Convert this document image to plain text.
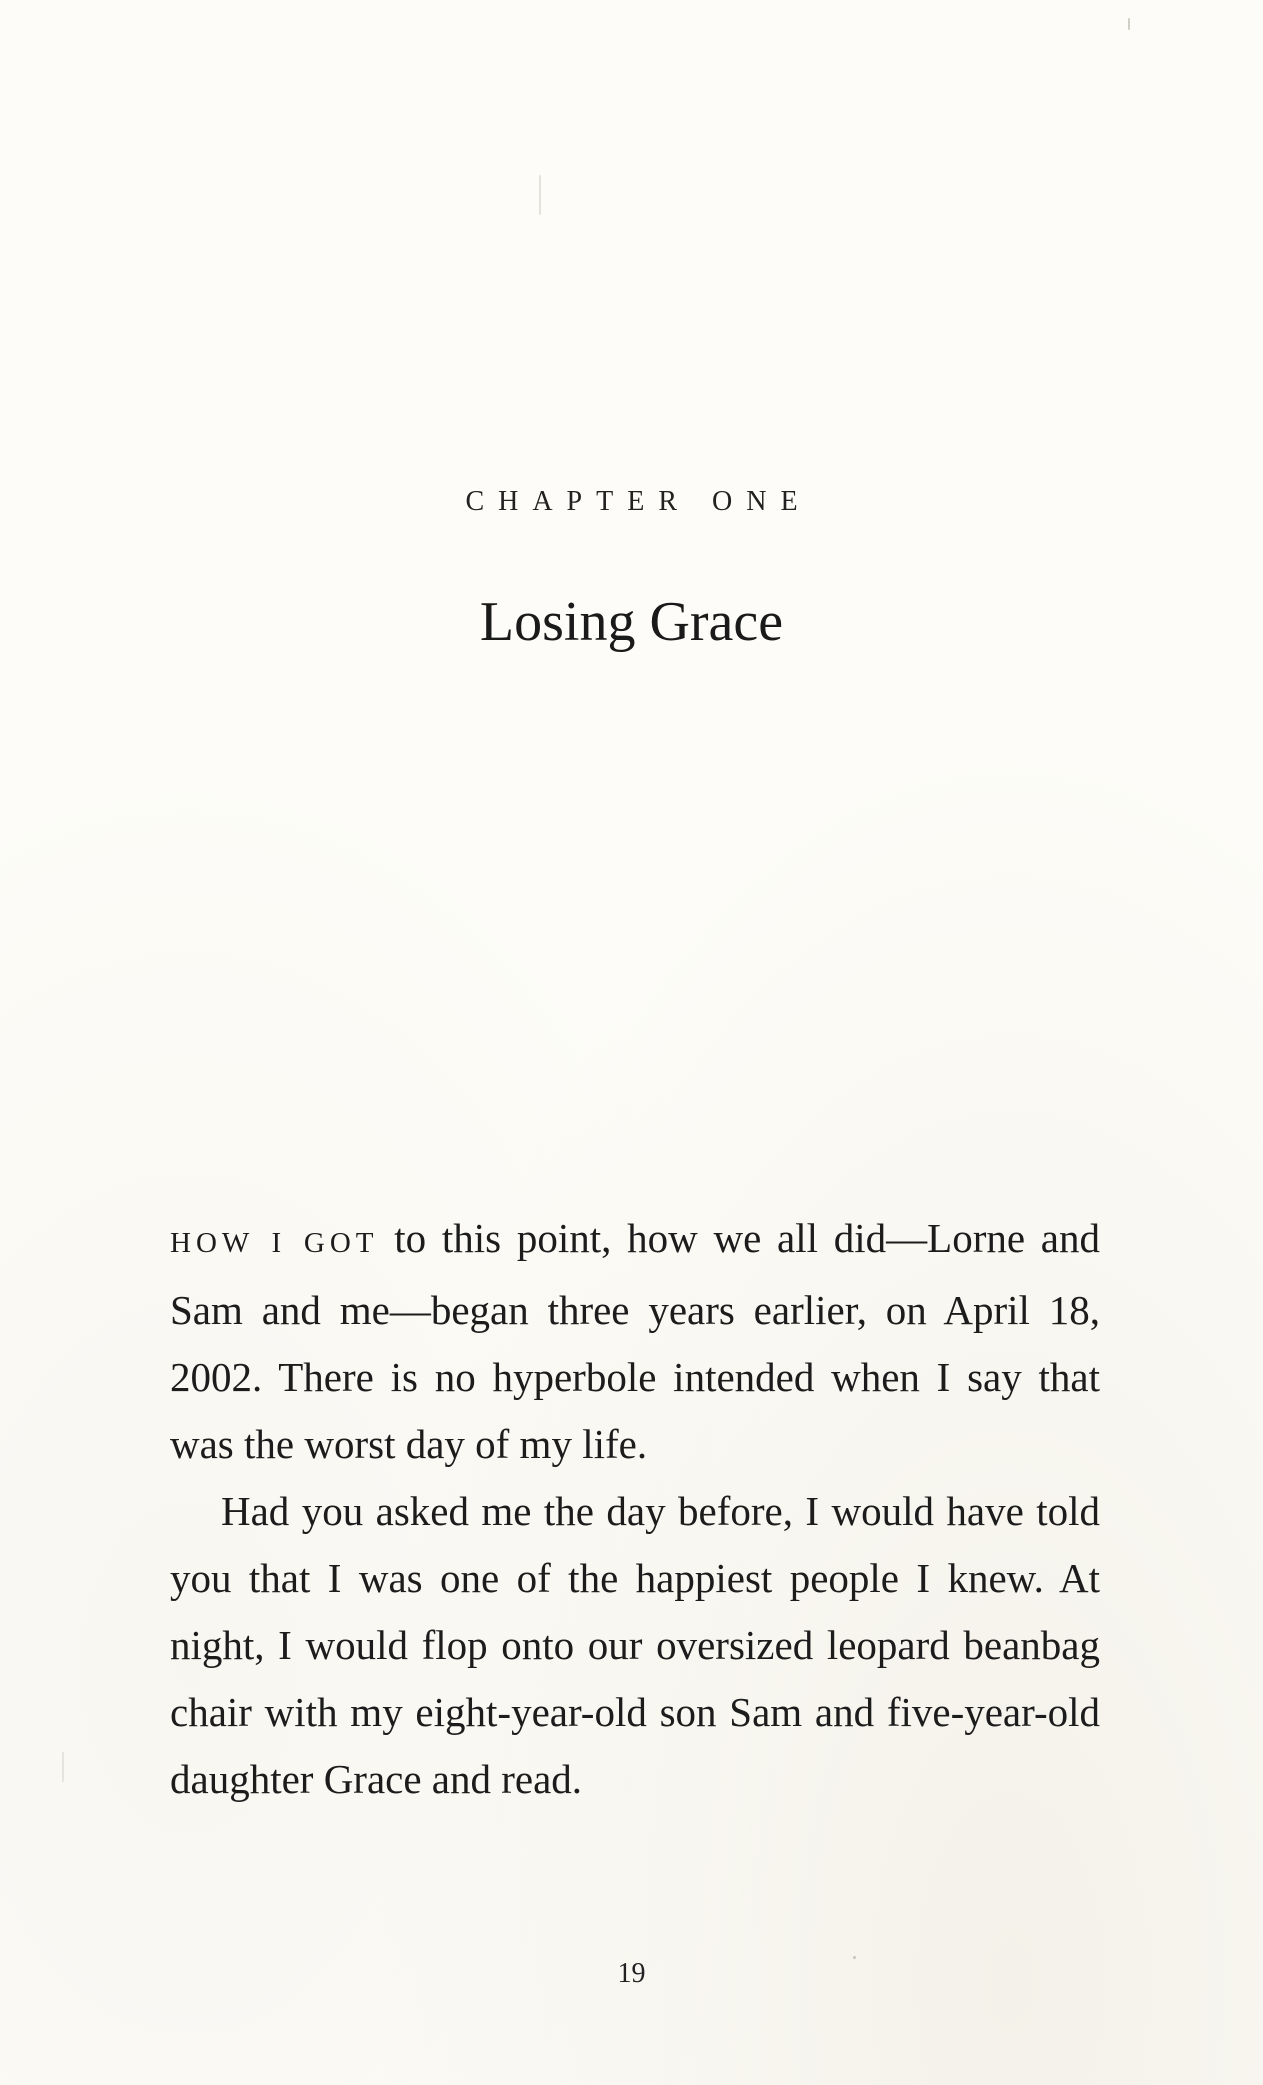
CHAPTER ONE
Losing Grace

HOW I GOT to this point, how we all did—Lorne and Sam and me—began three years earlier, on April 18, 2002. There is no hyperbole intended when I say that was the worst day of my life.

Had you asked me the day before, I would have told you that I was one of the happiest people I knew. At night, I would flop onto our oversized leopard beanbag chair with my eight-year-old son Sam and five-year-old daughter Grace and read.

19
